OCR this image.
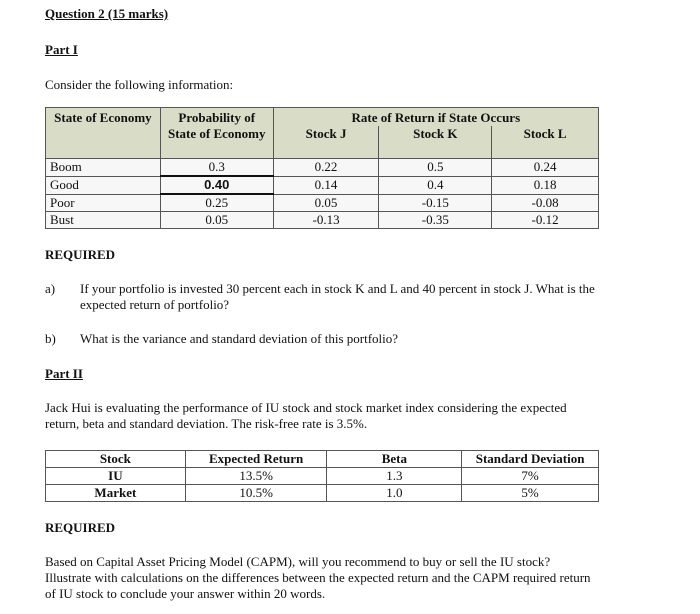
Question 2 (15 marks)
Part I
Consider the following information:
State of Economy	Probability of State of Economy	Rate of Return if State Occurs		
		Stock J	Stock K	Stock L
Boom	0.3	0.22	0.5	0.24
Good	0.40	0.14	0.4	0.18
Poor	0.25	0.05	-0.15	-0.08
Bust	0.05	-0.13	-0.35	-0.12
REQUIRED
a) If your portfolio is invested 30 percent each in stock K and L and 40 percent in stock J. What is the expected return of portfolio?
b) What is the variance and standard deviation of this portfolio?
Part II
Jack Hui is evaluating the performance of IU stock and stock market index considering the expected return, beta and standard deviation. The risk-free rate is 3.5%.
Stock	Expected Return	Beta	Standard Deviation
IU	13.5%	1.3	7%
Market	10.5%	1.0	5%
REQUIRED
Based on Capital Asset Pricing Model (CAPM), will you recommend to buy or sell the IU stock? Illustrate with calculations on the differences between the expected return and the CAPM required return of IU stock to conclude your answer within 20 words.
